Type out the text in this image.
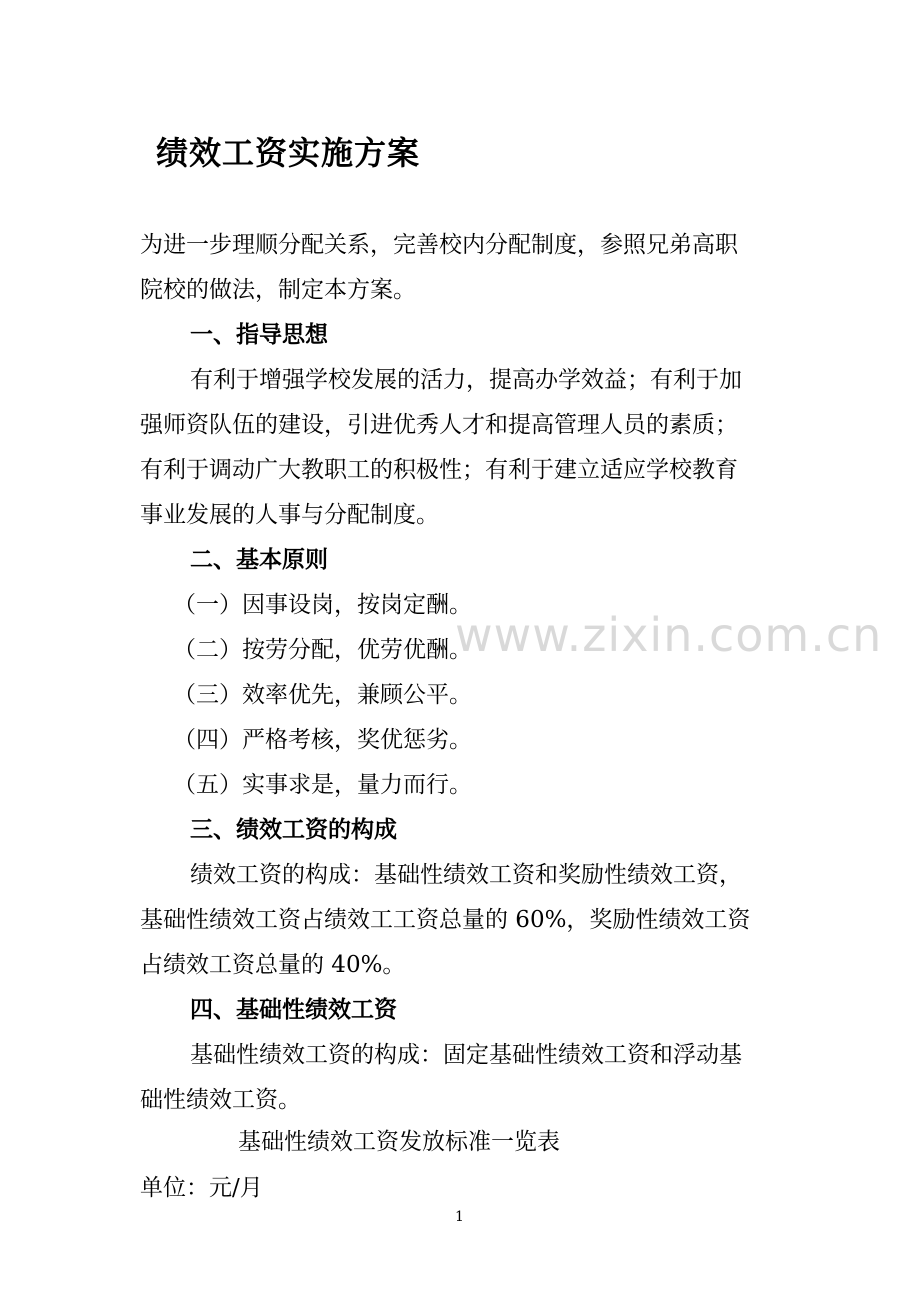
绩效工资实施方案
为进一步理顺分配关系，完善校内分配制度，参照兄弟高职
院校的做法，制定本方案。
一、指导思想
有利于增强学校发展的活力，提高办学效益；有利于加
强师资队伍的建设，引进优秀人才和提高管理人员的素质；
有利于调动广大教职工的积极性；有利于建立适应学校教育
事业发展的人事与分配制度。
二、基本原则
（一）因事设岗，按岗定酬。
（二）按劳分配，优劳优酬。
（三）效率优先，兼顾公平。
（四）严格考核，奖优惩劣。
（五）实事求是，量力而行。
三、绩效工资的构成
绩效工资的构成：基础性绩效工资和奖励性绩效工资，
基础性绩效工资占绩效工工资总量的 60%，奖励性绩效工资
占绩效工资总量的 40%。
四、基础性绩效工资
基础性绩效工资的构成：固定基础性绩效工资和浮动基
础性绩效工资。
基础性绩效工资发放标准一览表
单位：元/月
www.zixin.com.cn
1
